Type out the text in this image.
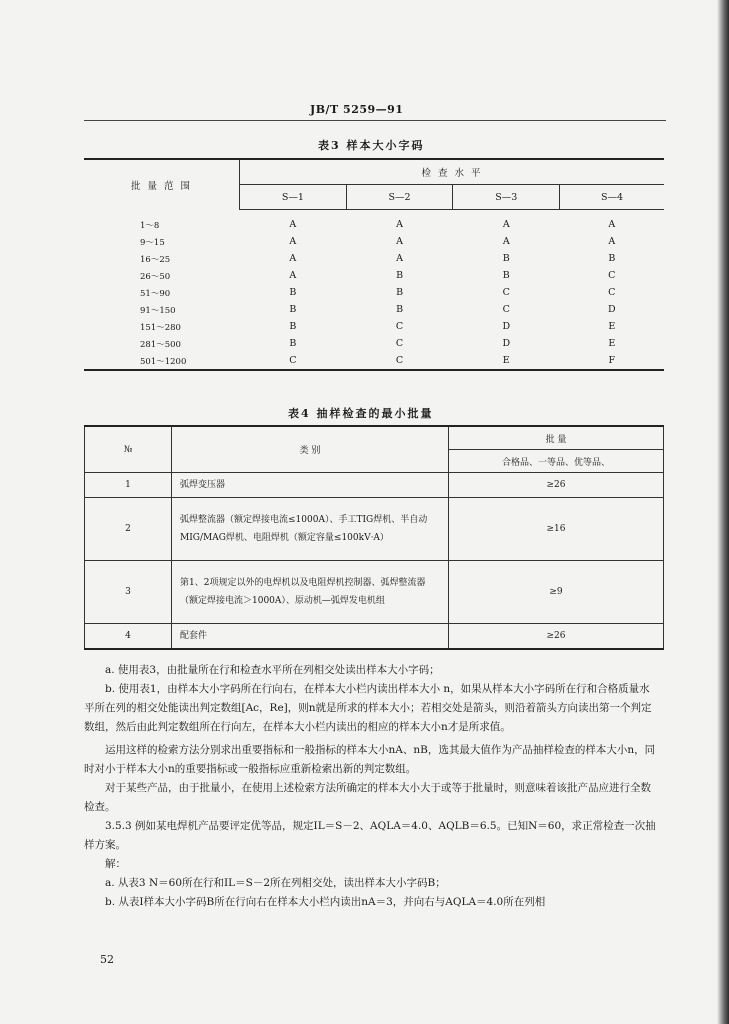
JB/T 5259—91
表3 样本大小字码
批 量 范 围	检 查 水 平			
	S—1	S—2	S—3	S—4

1～8	A	A	A	A
9～15	A	A	A	A
16～25	A	A	B	B
26～50	A	B	B	C
51～90	B	B	C	C
91～150	B	B	C	D
151～280	B	C	D	E
281～500	B	C	D	E
501～1200	C	C	E	F
表4 抽样检查的最小批量
№	类 别	批 量
		合格品、一等品、优等品、
1	弧焊变压器	≥26
2	弧焊整流器（额定焊接电流≤1000A）、手工TIG焊机、半自动MIG/MAG焊机、电阻焊机（额定容量≤100kV·A）	≥16
3	第1、2项规定以外的电焊机以及电阻焊机控制器、弧焊整流器（额定焊接电流＞1000A）、原动机—弧焊发电机组	≥9
4	配套件	≥26

a. 使用表3，由批量所在行和检查水平所在列相交处读出样本大小字码；

b. 使用表1，由样本大小字码所在行向右，在样本大小栏内读出样本大小 n，如果从样本大小字码所在行和合格质量水平所在列的相交处能读出判定数组[Ac，Re]，则n就是所求的样本大小；若相交处是箭头，则沿着箭头方向读出第一个判定数组，然后由此判定数组所在行向左，在样本大小栏内读出的相应的样本大小n才是所求值。

运用这样的检索方法分别求出重要指标和一般指标的样本大小nA、nB，选其最大值作为产品抽样检查的样本大小n，同时对小于样本大小n的重要指标或一般指标应重新检索出新的判定数组。

对于某些产品，由于批量小，在使用上述检索方法所确定的样本大小大于或等于批量时，则意味着该批产品应进行全数检查。

3.5.3 例如某电焊机产品要评定优等品，规定IL＝S－2、AQLA＝4.0、AQLB＝6.5。已知N＝60，求正常检查一次抽样方案。

解：

a. 从表3 N＝60所在行和IL＝S－2所在列相交处，读出样本大小字码B；

b. 从表Ⅰ样本大小字码B所在行向右在样本大小栏内读出nA＝3，并向右与AQLA＝4.0所在列相

52
